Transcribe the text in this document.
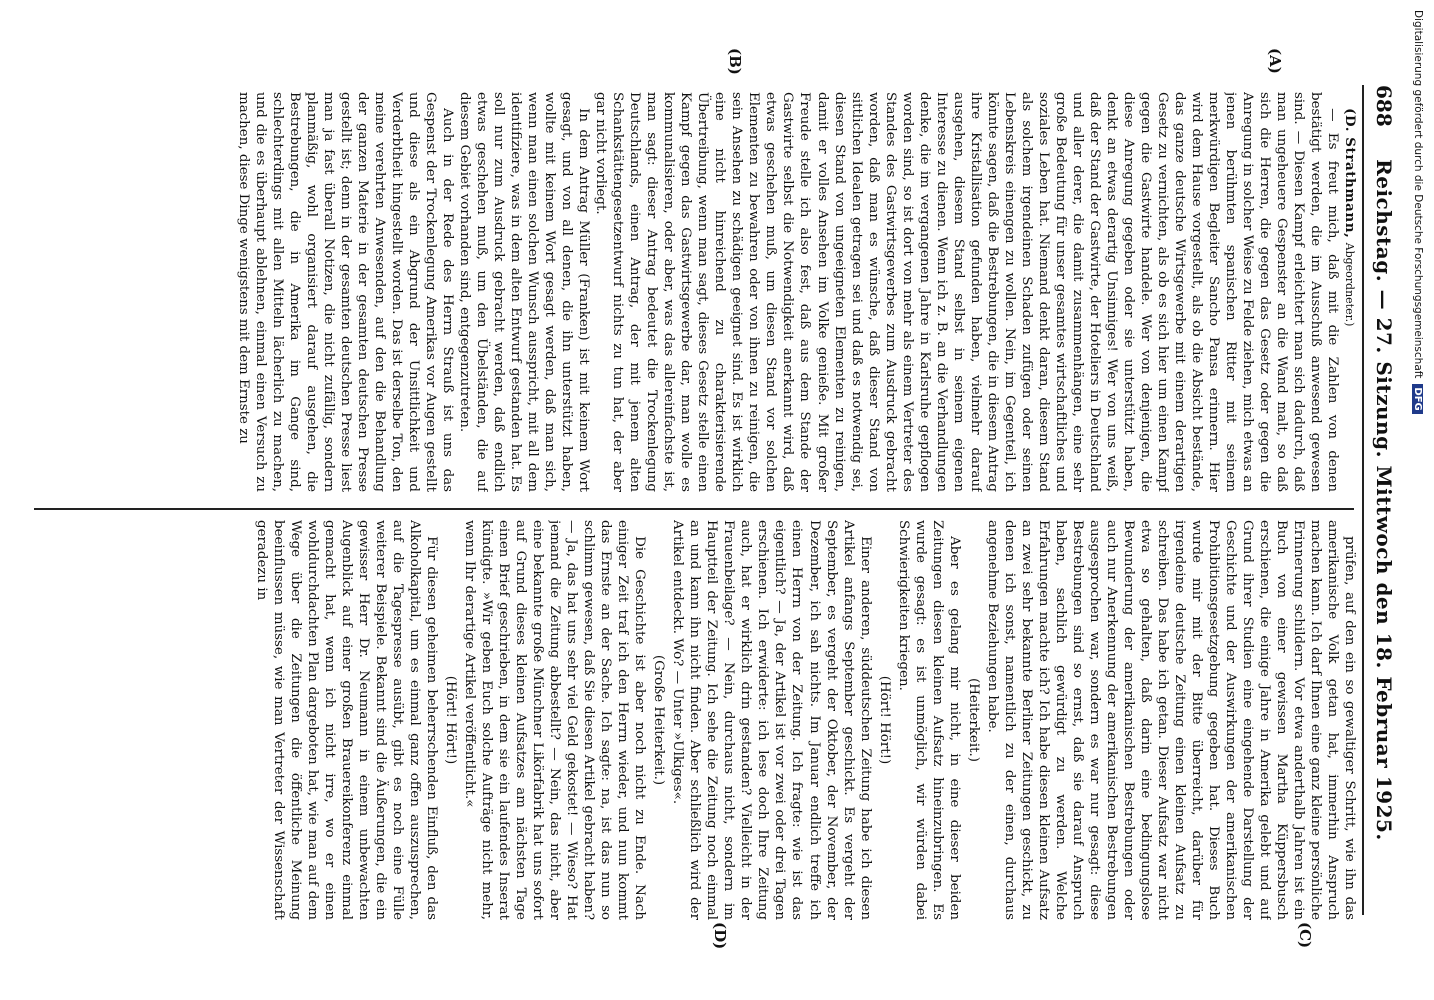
688
Reichstag. — 27. Sitzung. Mittwoch den 18. Februar 1925.
(A)
(B)
(C)
(D)

(D. Strathmann, Abgeordneter.)

— Es freut mich, daß mit die Zahlen von denen bestätigt werden, die im Ausschuß anwesend gewesen sind. — Diesen Kampf erleichtert man sich dadurch, daß man ungeheuere Gespenster an die Wand malt, so daß sich die Herren, die gegen das Gesetz oder gegen die Anregung in solcher Weise zu Felde ziehen, mich etwas an jenen berühmten spanischen Ritter mit seinem merkwürdigen Begleiter Sancho Pansa erinnern. Hier wird dem Hause vorgestellt, als ob die Absicht bestände, das ganze deutsche Wirtsgewerbe mit einem derartigen Gesetz zu vernichten, als ob es sich hier um einen Kampf gegen die Gastwirte handele. Wer von denjenigen, die diese Anregung gegeben oder sie unterstützt haben, denkt an etwas derartig Unsinniges! Wer von uns weiß, daß der Stand der Gastwirte, der Hoteliers in Deutschland und aller derer, die damit zusammenhängen, eine sehr große Bedeutung für unser gesamtes wirtschaftliches und soziales Leben hat. Niemand denkt daran, diesem Stand als solchem irgendeinen Schaden zufügen oder seinen Lebenskreis einengen zu wollen. Nein, im Gegenteil, ich könnte sagen, daß die Bestrebungen, die in diesem Antrag ihre Kristallisation gefunden haben, vielmehr darauf ausgehen, diesem Stand selbst in seinem eigenen Interesse zu dienen. Wenn ich z. B. an die Verhandlungen denke, die im vergangenen Jahre in Karlsruhe gepflogen worden sind, so ist dort von mehr als einem Vertreter des Standes des Gastwirtsgewerbes zum Ausdruck gebracht worden, daß man es wünsche, daß dieser Stand von sittlichen Idealen getragen sei und daß es notwendig sei, diesen Stand von ungeeigneten Elementen zu reinigen, damit er volles Ansehen im Volke genieße. Mit großer Freude stelle ich also fest, daß aus dem Stande der Gastwirte selbst die Notwendigkeit anerkannt wird, daß etwas geschehen muß, um diesen Stand vor solchen Elementen zu bewahren oder von ihnen zu reinigen, die sein Ansehen zu schädigen geeignet sind. Es ist wirklich eine nicht hinreichend zu charakterisierende Übertreibung, wenn man sagt, dieses Gesetz stelle einen Kampf gegen das Gastwirtsgewerbe dar, man wolle es kommunalisieren, oder aber, was das allereinfachste ist, man sagt: dieser Antrag bedeutet die Trockenlegung Deutschlands, einen Antrag, der mit jenem alten Schankstättengesetzentwurf nichts zu tun hat, der aber gar nicht vorliegt.

In dem Antrag Müller (Franken) ist mit keinem Wort gesagt, und von all denen, die ihn unterstützt haben, wollte mit keinem Wort gesagt werden, daß man sich, wenn man einen solchen Wunsch ausspricht, mit all dem identifiziere, was in dem alten Entwurf gestanden hat. Es soll nur zum Ausdruck gebracht werden, daß endlich etwas geschehen muß, um den Übelständen, die auf diesem Gebiet vorhanden sind, entgegenzutreten.

Auch in der Rede des Herrn Strauß ist uns das Gespenst der Trockenlegung Amerikas vor Augen gestellt und diese als ein Abgrund der Unsittlichkeit und Verderbtheit hingestellt worden. Das ist derselbe Ton, den meine verehrten Anwesenden, auf den die Behandlung der ganzen Materie in der gesamten deutschen Presse gestellt ist; denn in der gesamten deutschen Presse liest man ja fast überall Notizen, die nicht zufällig, sondern planmäßig, wohl organisiert darauf ausgehen, die Bestrebungen, die in Amerika im Gange sind, schlechterdings mit allen Mitteln lächerlich zu machen, und die es überhaupt ablehnen, einmal einen Versuch zu machen, diese Dinge wenigstens mit dem Ernste zu

prüfen, auf den ein so gewaltiger Schritt, wie ihn das amerikanische Volk getan hat, immerhin Anspruch machen kann. Ich darf Ihnen eine ganz kleine persönliche Erinnerung schildern. Vor etwa anderthalb Jahren ist ein Buch von einer gewissen Martha Küppersbusch erschienen, die einige Jahre in Amerika gelebt und auf Grund ihrer Studien eine eingehende Darstellung der Geschichte und der Auswirkungen der amerikanischen Prohibitionsgesetzgebung gegeben hat. Dieses Buch wurde mir mit der Bitte überreicht, darüber für irgendeine deutsche Zeitung einen kleinen Aufsatz zu schreiben. Das habe ich getan. Dieser Aufsatz war nicht etwa so gehalten, daß darin eine bedingungslose Bewunderung der amerikanischen Bestrebungen oder auch nur Anerkennung der amerikanischen Bestrebungen ausgesprochen war, sondern es war nur gesagt: diese Bestrebungen sind so ernst, daß sie darauf Anspruch haben, sachlich gewürdigt zu werden. Welche Erfahrungen machte ich? Ich habe diesen kleinen Aufsatz an zwei sehr bekannte Berliner Zeitungen geschickt, zu denen ich sonst, namentlich zu der einen, durchaus angenehme Beziehungen habe.

(Heiterkeit.)

Aber es gelang mir nicht, in eine dieser beiden Zeitungen diesen kleinen Aufsatz hineinzubringen. Es wurde gesagt: es ist unmöglich, wir würden dabei Schwierigkeiten kriegen.

(Hört! Hört!)

Einer anderen, süddeutschen Zeitung habe ich diesen Artikel anfangs September geschickt. Es vergeht der September, es vergeht der Oktober, der November, der Dezember, ich sah nichts. Im Januar endlich treffe ich einen Herrn von der Zeitung. Ich fragte: wie ist das eigentlich? — Ja, der Artikel ist vor zwei oder drei Tagen erschienen. Ich erwiderte: ich lese doch Ihre Zeitung auch, hat er wirklich drin gestanden? Vielleicht in der Frauenbeilage? — Nein, durchaus nicht, sondern im Hauptteil der Zeitung. Ich sehe die Zeitung noch einmal an und kann ihn nicht finden. Aber schließlich wird der Artikel entdeckt. Wo? — Unter »Ulkiges«.

(Große Heiterkeit.)

Die Geschichte ist aber noch nicht zu Ende. Nach einiger Zeit traf ich den Herrn wieder, und nun kommt das Ernste an der Sache. Ich sagte: na, ist das nun so schlimm gewesen, daß Sie diesen Artikel gebracht haben? — Ja, das hat uns sehr viel Geld gekostet! — Wieso? Hat jemand die Zeitung abbestellt? — Nein, das nicht, aber eine bekannte große Münchner Likörfabrik hat uns sofort auf Grund dieses kleinen Aufsatzes am nächsten Tage einen Brief geschrieben, in dem sie ein laufendes Inserat kündigte. »Wir geben Euch solche Aufträge nicht mehr, wenn Ihr derartige Artikel veröffentlicht.«

(Hört! Hört!)

Für diesen geheimen beherrschenden Einfluß, den das Alkoholkapital, um es einmal ganz offen auszusprechen, auf die Tagespresse ausübt, gibt es noch eine Fülle weiterer Beispiele. Bekannt sind die Äußerungen, die ein gewisser Herr Dr. Neumann in einem unbewachten Augenblick auf einer großen Brauereikonferenz einmal gemacht hat, wenn ich nicht irre, wo er einen wohldurchdachten Plan dargeboten hat, wie man auf dem Wege über die Zeitungen die öffentliche Meinung beeinflussen müsse, wie man Vertreter der Wissenschaft geradezu in

Digitalisierung gefördert durch die Deutsche Forschungsgemeinschaft
DFG
